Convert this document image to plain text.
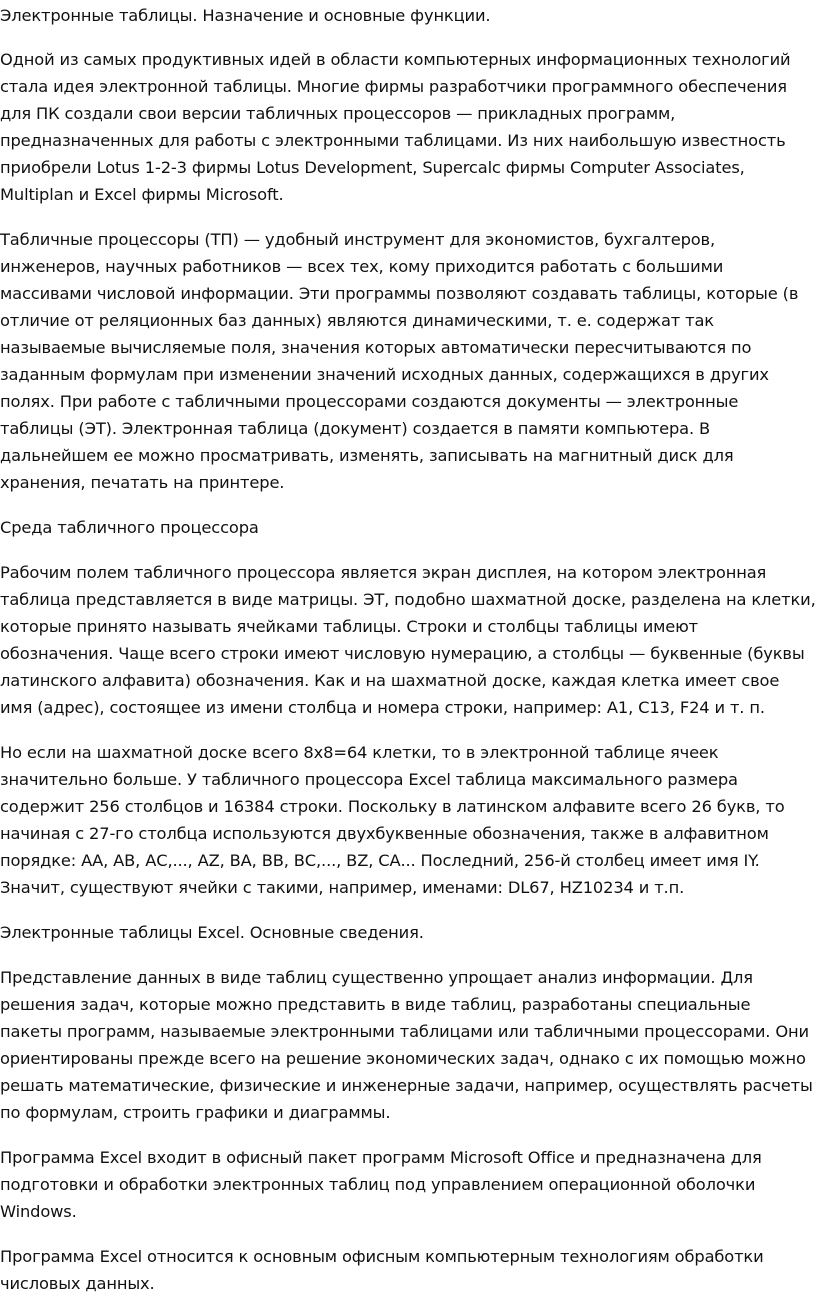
Электронные таблицы. Назначение и основные функции.

Одной из самых продуктивных идей в области компьютерных информационных технологий стала идея электронной таблицы. Многие фирмы разработчики программного обеспечения для ПК создали свои версии табличных процессоров — прикладных программ, предназначенных для работы с электронными таблицами. Из них наибольшую известность приобрели Lotus 1-2-3 фирмы Lotus Development, Supercalc фирмы Computer Associates, Multiplan и Excel фирмы Microsoft.

Табличные процессоры (ТП) — удобный инструмент для экономистов, бухгалтеров, инженеров, научных работников — всех тех, кому приходится работать с большими массивами числовой информации. Эти программы позволяют создавать таблицы, которые (в отличие от реляционных баз данных) являются динамическими, т. е. содержат так называемые вычисляемые поля, значения которых автоматически пересчитываются по заданным формулам при изменении значений исходных данных, содержащихся в других полях. При работе с табличными процессорами создаются документы — электронные таблицы (ЭТ). Электронная таблица (документ) создается в памяти компьютера. В дальнейшем ее можно просматривать, изменять, записывать на магнитный диск для хранения, печатать на принтере.

Среда табличного процессора

Рабочим полем табличного процессора является экран дисплея, на котором электронная таблица представляется в виде матрицы. ЭТ, подобно шахматной доске, разделена на клетки, которые принято называть ячейками таблицы. Строки и столбцы таблицы имеют обозначения. Чаще всего строки имеют числовую нумерацию, а столбцы — буквенные (буквы латинского алфавита) обозначения. Как и на шахматной доске, каждая клетка имеет свое имя (адрес), состоящее из имени столбца и номера строки, например: А1, С13, F24 и т. п.

Но если на шахматной доске всего 8х8=64 клетки, то в электронной таблице ячеек значительно больше. У табличного процессора Excel таблица максимального размера содержит 256 столбцов и 16384 строки. Поскольку в латинском алфавите всего 26 букв, то начиная с 27-го столбца используются двухбуквенные обозначения, также в алфавитном порядке: АА, АВ, АС,..., AZ, ВА, ВВ, ВС,..., BZ, СА... Последний, 256-й столбец имеет имя IY. Значит, существуют ячейки с такими, например, именами: DL67, HZ10234 и т.п.

Электронные таблицы Excel. Основные сведения.

Представление данных в виде таблиц существенно упрощает анализ информации. Для решения задач, которые можно представить в виде таблиц, разработаны специальные пакеты программ, называемые электронными таблицами или табличными процессорами. Они ориентированы прежде всего на решение экономических задач, однако с их помощью можно решать математические, физические и инженерные задачи, например, осуществлять расчеты по формулам, строить графики и диаграммы.

Программа Excel входит в офисный пакет программ Microsoft Office и предназначена для подготовки и обработки электронных таблиц под управлением операционной оболочки Windows.

Программа Excel относится к основным офисным компьютерным технологиям обработки числовых данных.
